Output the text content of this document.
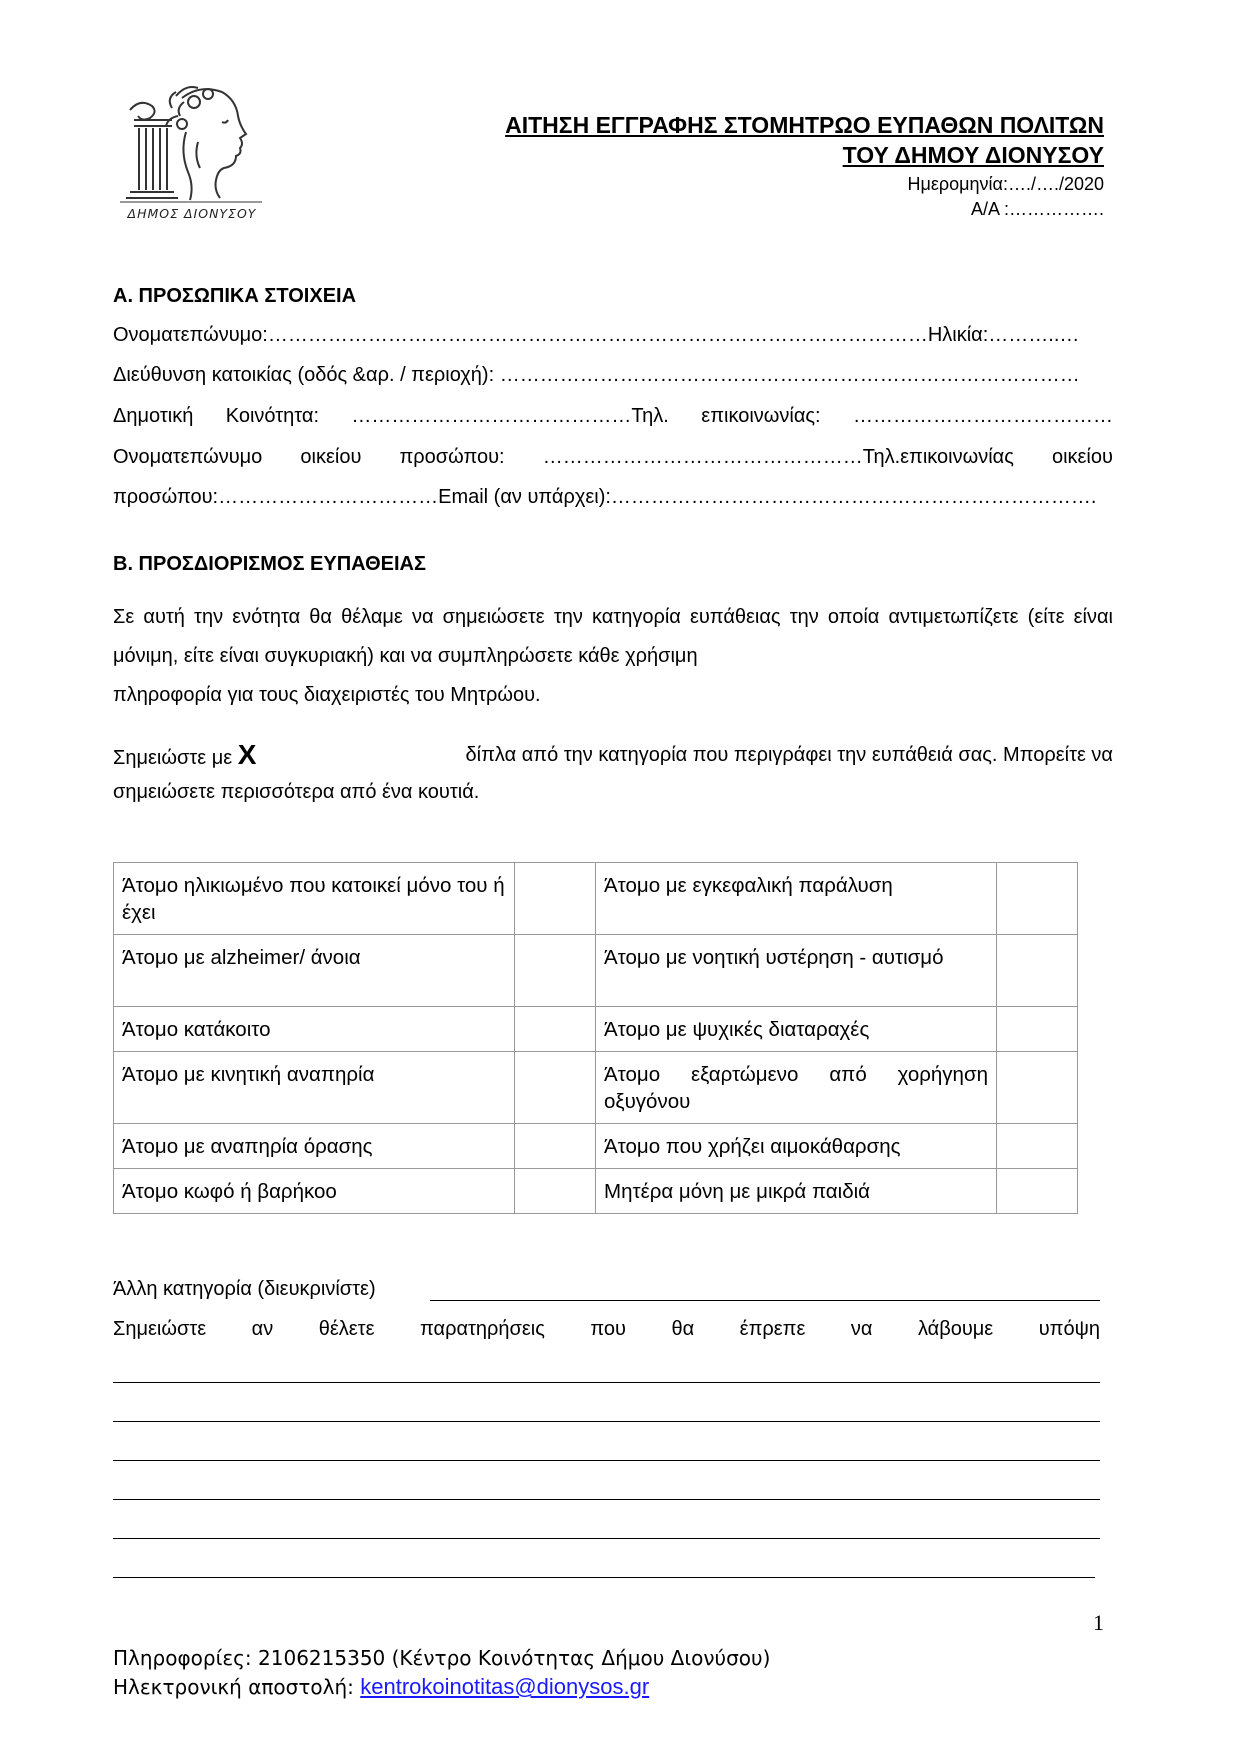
ΔΗΜΟΣ ΔΙΟΝΥΣΟΥ
ΑΙΤΗΣΗ ΕΓΓΡΑΦΗΣ ΣΤΟΜΗΤΡΩΟ ΕΥΠΑΘΩΝ ΠΟΛΙΤΩΝ
ΤΟΥ ΔΗΜΟΥ ΔΙΟΝΥΣΟΥ
Ημερομηνία:…./…./2020
Α/Α :…………….
Α. ΠΡΟΣΩΠΙΚΑ ΣΤΟΙΧΕΙΑ
Ονοματεπώνυμο:………………………………………………………………………………………Ηλικία:………..…
Διεύθυνση κατοικίας (οδός &αρ. / περιοχή): ……………………………………………………………………………
Δημοτική Κοινότητα: ……………………………………Τηλ. επικοινωνίας: …………………………………
Ονοματεπώνυμο οικείου προσώπου: …………………………………………Τηλ.επικοινωνίας οικείου
προσώπου:……………………………Email (αν υπάρχει):……………………………………………………………….
Β. ΠΡΟΣΔΙΟΡΙΣΜΟΣ ΕΥΠΑΘΕΙΑΣ
Σε αυτή την ενότητα θα θέλαμε να σημειώσετε την κατηγορία ευπάθειας την οποία αντιμετωπίζετε (είτε είναι μόνιμη, είτε είναι συγκυριακή) και να συμπληρώσετε κάθε χρήσιμη
πληροφορία για τους διαχειριστές του Μητρώου.
Σημειώστε με Χ	δίπλα από την κατηγορία που περιγράφει την ευπάθειά σας. Μπορείτε να
σημειώσετε περισσότερα από ένα κουτιά.
Άτομο ηλικιωμένο που κατοικεί μόνο του ή έχει		Άτομο με εγκεφαλική παράλυση	
Άτομο με alzheimer/ άνοια		Άτομο με νοητική υστέρηση - αυτισμό	
Άτομο κατάκοιτο		Άτομο με ψυχικές διαταραχές	
Άτομο με κινητική αναπηρία		Άτομο εξαρτώμενο από χορήγηση οξυγόνου	
Άτομο με αναπηρία όρασης		Άτομο που χρήζει αιμοκάθαρσης	
Άτομο κωφό ή βαρήκοο		Μητέρα μόνη με μικρά παιδιά	
Άλλη κατηγορία (διευκρινίστε)
Σημειώστε αν θέλετε παρατηρήσεις που θα έπρεπε να λάβουμε υπόψη
1
Πληροφορίες: 2106215350 (Κέντρο Κοινότητας Δήμου Διονύσου)
Ηλεκτρονική αποστολή: kentrokoinotitas@dionysos.gr
